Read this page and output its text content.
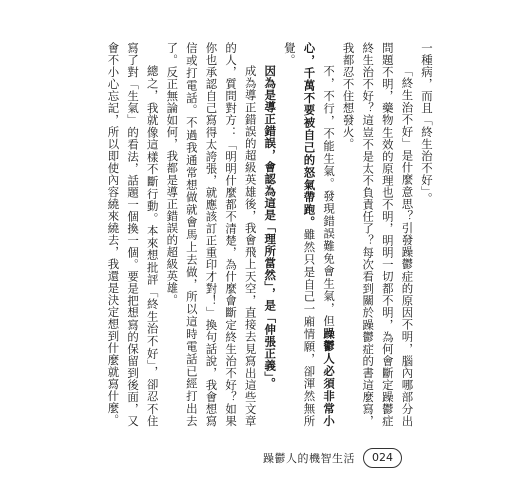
一種病，而且「終生治不好」。

「終生治不好」是什麼意思？引發躁鬱症的原因不明，腦內哪部分出問題不明，藥物生效的原理也不明，明明一切都不明，為何會斷定躁鬱症終生治不好？這豈不是太不負責任了？每次看到關於躁鬱症的書這麼寫，我都忍不住想發火。

不，不行，不能生氣。發現錯誤難免會生氣，但躁鬱人必須非常小心，千萬不要被自己的怒氣帶跑。雖然只是自己一廂情願，卻渾然無所覺。

因為是導正錯誤，會認為這是「理所當然」，是「伸張正義」。

成為導正錯誤的超級英雄後，我會飛上天空，直接去見寫出這些文章的人，質問對方：「明明什麼都不清楚，為什麼會斷定終生治不好？如果你也承認自己寫得太誇張，就應該訂正重印才對！」換句話說，我會想寫信或打電話。不過我通常想做就會馬上去做，所以這時電話已經打出去了。反正無論如何，我都是導正錯誤的超級英雄。

總之，我就像這樣不斷行動。本來想批評「終生治不好」，卻忍不住寫了對「生氣」的看法，話題一個換一個。要是把想寫的保留到後面，又會不小心忘記，所以即使內容繞來繞去，我還是決定想到什麼就寫什麼。

躁鬱人的機智生活	024
